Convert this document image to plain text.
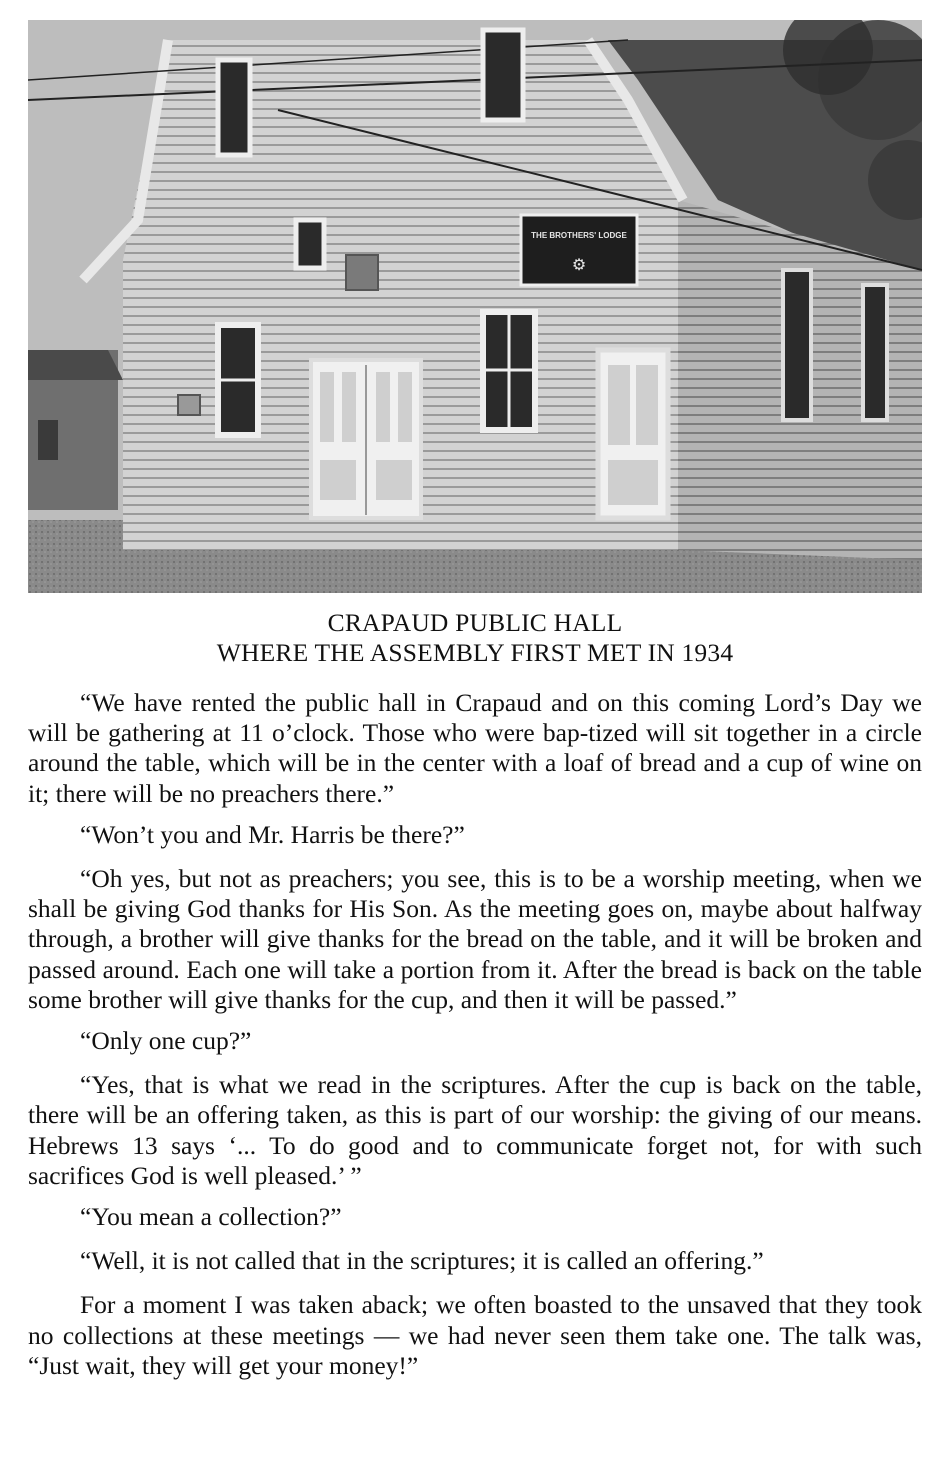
THE BROTHERS' LODGE
⚙
CRAPAUD PUBLIC HALL
WHERE THE ASSEMBLY FIRST MET IN 1934

“We have rented the public hall in Crapaud and on this coming Lord’s Day we will be gathering at 11 o’clock. Those who were bap-tized will sit together in a circle around the table, which will be in the center with a loaf of bread and a cup of wine on it; there will be no preachers there.”

“Won’t you and Mr. Harris be there?”

“Oh yes, but not as preachers; you see, this is to be a worship meeting, when we shall be giving God thanks for His Son. As the meeting goes on, maybe about halfway through, a brother will give thanks for the bread on the table, and it will be broken and passed around. Each one will take a portion from it. After the bread is back on the table some brother will give thanks for the cup, and then it will be passed.”

“Only one cup?”

“Yes, that is what we read in the scriptures. After the cup is back on the table, there will be an offering taken, as this is part of our worship: the giving of our means. Hebrews 13 says ‘... To do good and to communicate forget not, for with such sacrifices God is well pleased.’ ”

“You mean a collection?”

“Well, it is not called that in the scriptures; it is called an offering.”

For a moment I was taken aback; we often boasted to the unsaved that they took no collections at these meetings — we had never seen them take one. The talk was, “Just wait, they will get your money!”
